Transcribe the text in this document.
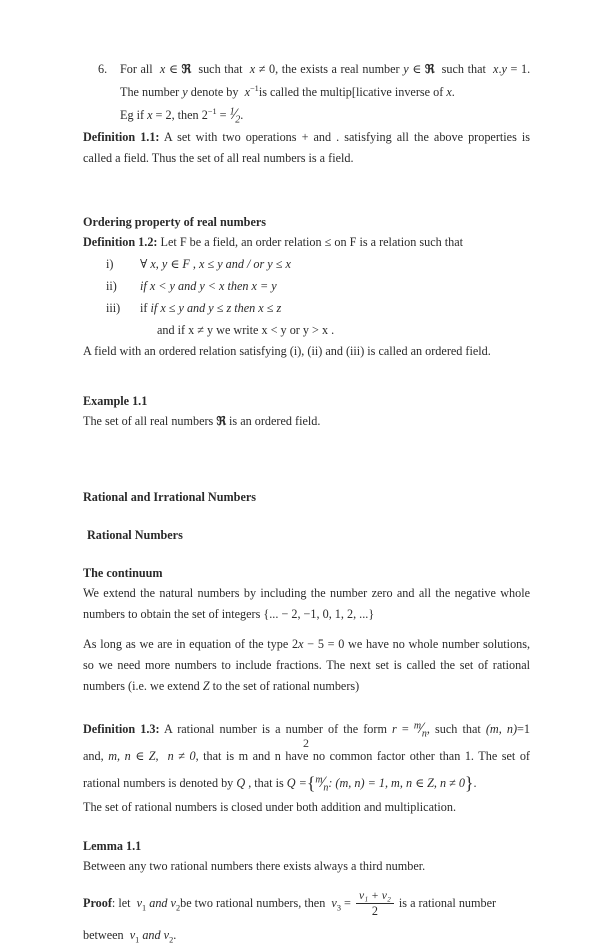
6. For all x ∈ ℜ such that x ≠ 0, the exists a real number y ∈ ℜ such that x.y = 1.
The number y denote by $x^{-1}is$ called the multip[licative inverse of x.
Eg if x = 2, then $2^{-1}$ = $^1⁄_2$.

Definition 1.1: A set with two operations + and . satisfying all the above properties is called a field. Thus the set of all real numbers is a field.

Ordering property of real numbers

Definition 1.2: Let F be a field, an order relation ≤ on F is a relation such that

i) ∀ x, y ∈ F , x ≤ y and / or y ≤ x
ii) if x < y and y < x then x = y
iii) if if x ≤ y and y ≤ z then x ≤ z
and if x ≠ y we write x < y or y > x .

A field with an ordered relation satisfying (i), (ii) and (iii) is called an ordered field.

Example 1.1

The set of all real numbers ℜ is an ordered field.

Rational and Irrational Numbers
Rational Numbers
The continuum

We extend the natural numbers by including the number zero and all the negative whole numbers to obtain the set of integers {... − 2, −1, 0, 1, 2, ...}

As long as we are in equation of the type 2x − 5 = 0 we have no whole number solutions, so we need more numbers to include fractions. The next set is called the set of rational numbers (i.e. we extend Z to the set of rational numbers)

Definition 1.3: A rational number is a number of the form $r = ^m⁄_n$, such that (m, n)=1 and, m, n ∈ Z, n ≠ 0, that is m and n have no common factor other than 1. The set of rational numbers is denoted by Q , that is $Q =\{^m⁄_n$: (m, n) = 1, m, n ∈ Z, n ≠ 0}.

The set of rational numbers is closed under both addition and multiplication.

Lemma 1.1

Between any two rational numbers there exists always a third number.

Proof: let $v_1$ and $v_2be$ two rational numbers, then $v_3 = \frac{\text{v₁ + v₂}}{2}$ is a rational number

between $v_1$ and $v_2$.

2
